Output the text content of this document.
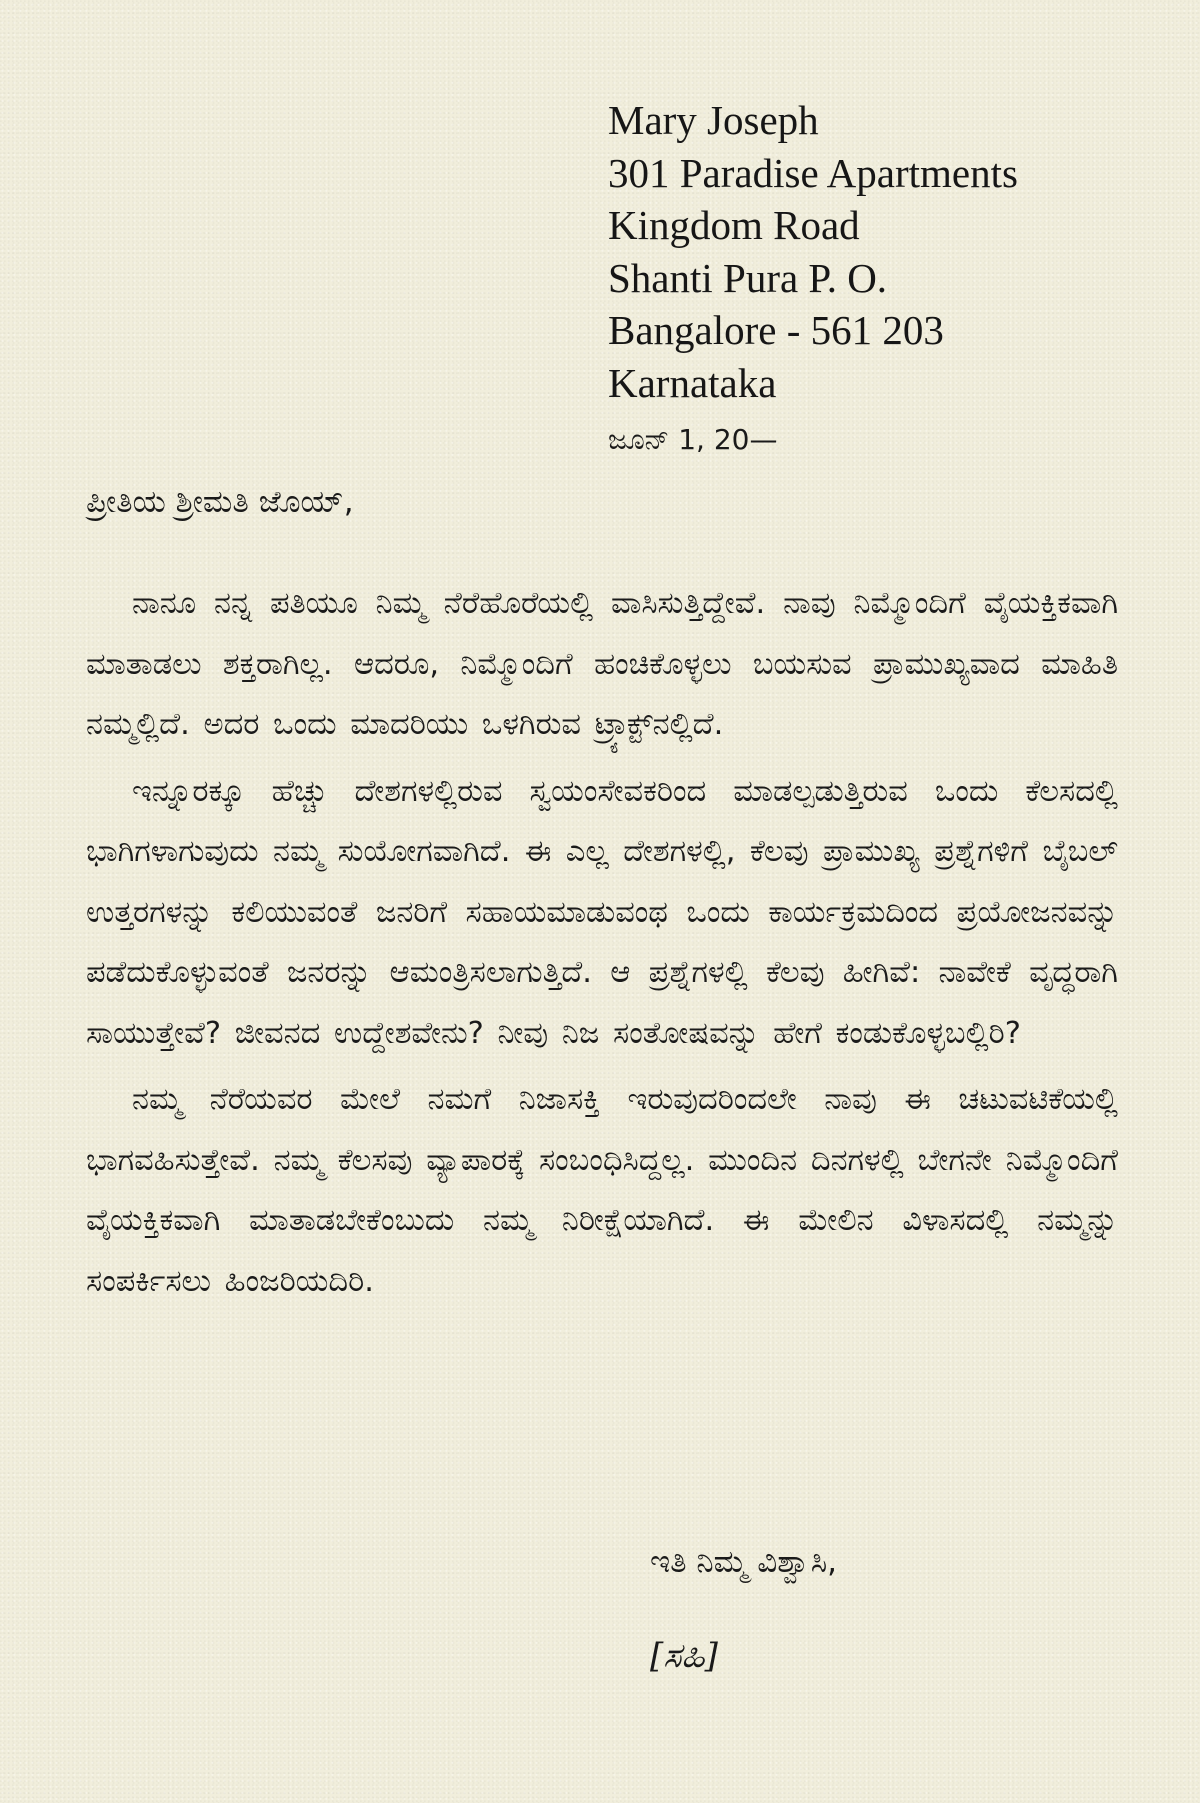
Mary Joseph
301 Paradise Apartments
Kingdom Road
Shanti Pura P. O.
Bangalore - 561 203
Karnataka
ಜೂನ್ 1, 20—
ಪ್ರೀತಿಯ ಶ್ರೀಮತಿ ಜೊಯ್,

ನಾನೂ ನನ್ನ ಪತಿಯೂ ನಿಮ್ಮ ನೆರೆಹೊರೆಯಲ್ಲಿ ವಾಸಿಸುತ್ತಿದ್ದೇವೆ. ನಾವು ನಿಮ್ಮೊಂದಿಗೆ ವೈಯಕ್ತಿಕವಾಗಿ ಮಾತಾಡಲು ಶಕ್ತರಾಗಿಲ್ಲ. ಆದರೂ, ನಿಮ್ಮೊಂದಿಗೆ ಹಂಚಿಕೊಳ್ಳಲು ಬಯಸುವ ಪ್ರಾಮುಖ್ಯವಾದ ಮಾಹಿತಿ ನಮ್ಮಲ್ಲಿದೆ. ಅದರ ಒಂದು ಮಾದರಿಯು ಒಳಗಿರುವ ಟ್ರ್ಯಾಕ್ಟ್‌ನಲ್ಲಿದೆ.

ಇನ್ನೂರಕ್ಕೂ ಹೆಚ್ಚು ದೇಶಗಳಲ್ಲಿರುವ ಸ್ವಯಂಸೇವಕರಿಂದ ಮಾಡಲ್ಪಡುತ್ತಿರುವ ಒಂದು ಕೆಲಸದಲ್ಲಿ ಭಾಗಿಗಳಾಗುವುದು ನಮ್ಮ ಸುಯೋಗವಾಗಿದೆ. ಈ ಎಲ್ಲ ದೇಶಗಳಲ್ಲಿ, ಕೆಲವು ಪ್ರಾಮುಖ್ಯ ಪ್ರಶ್ನೆಗಳಿಗೆ ಬೈಬಲ್ ಉತ್ತರಗಳನ್ನು ಕಲಿಯುವಂತೆ ಜನರಿಗೆ ಸಹಾಯಮಾಡುವಂಥ ಒಂದು ಕಾರ್ಯಕ್ರಮದಿಂದ ಪ್ರಯೋಜನವನ್ನು ಪಡೆದುಕೊಳ್ಳುವಂತೆ ಜನರನ್ನು ಆಮಂತ್ರಿಸಲಾಗುತ್ತಿದೆ. ಆ ಪ್ರಶ್ನೆಗಳಲ್ಲಿ ಕೆಲವು ಹೀಗಿವೆ: ನಾವೇಕೆ ವೃದ್ಧರಾಗಿ ಸಾಯುತ್ತೇವೆ? ಜೀವನದ ಉದ್ದೇಶವೇನು? ನೀವು ನಿಜ ಸಂತೋಷವನ್ನು ಹೇಗೆ ಕಂಡುಕೊಳ್ಳಬಲ್ಲಿರಿ?

ನಮ್ಮ ನೆರೆಯವರ ಮೇಲೆ ನಮಗೆ ನಿಜಾಸಕ್ತಿ ಇರುವುದರಿಂದಲೇ ನಾವು ಈ ಚಟುವಟಿಕೆಯಲ್ಲಿ ಭಾಗವಹಿಸುತ್ತೇವೆ. ನಮ್ಮ ಕೆಲಸವು ವ್ಯಾಪಾರಕ್ಕೆ ಸಂಬಂಧಿಸಿದ್ದಲ್ಲ. ಮುಂದಿನ ದಿನಗಳಲ್ಲಿ ಬೇಗನೇ ನಿಮ್ಮೊಂದಿಗೆ ವೈಯಕ್ತಿಕವಾಗಿ ಮಾತಾಡಬೇಕೆಂಬುದು ನಮ್ಮ ನಿರೀಕ್ಷೆಯಾಗಿದೆ. ಈ ಮೇಲಿನ ವಿಳಾಸದಲ್ಲಿ ನಮ್ಮನ್ನು ಸಂಪರ್ಕಿಸಲು ಹಿಂಜರಿಯದಿರಿ.

ಇತಿ ನಿಮ್ಮ ವಿಶ್ವಾಸಿ,
[ಸಹಿ]
